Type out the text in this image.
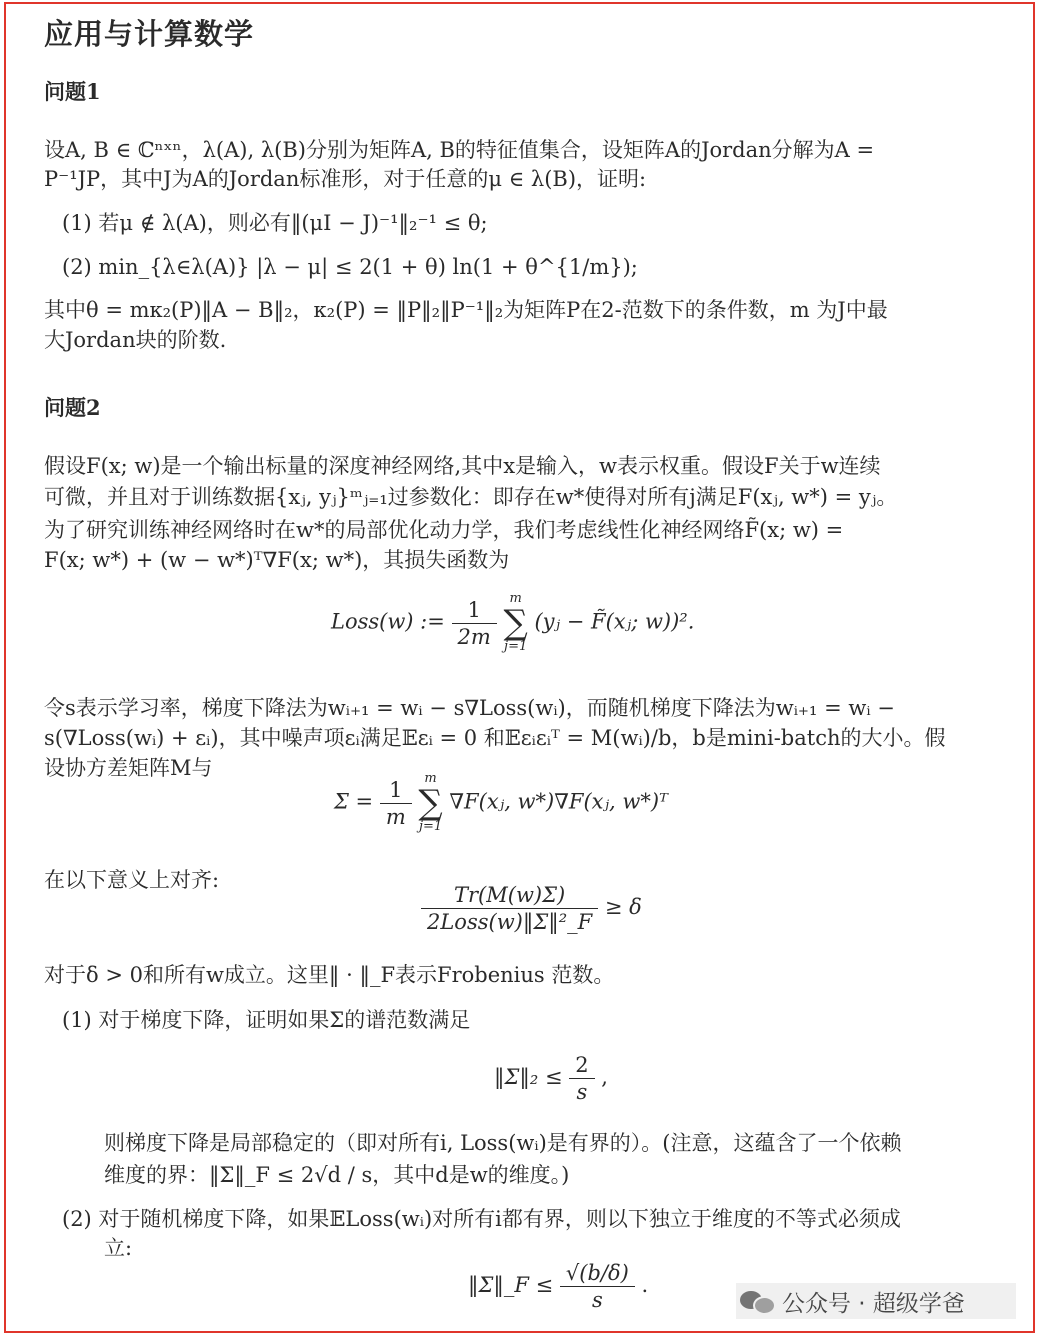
应用与计算数学
问题1
设A, B ∈ ℂⁿˣⁿ，λ(A), λ(B)分别为矩阵A, B的特征值集合，设矩阵A的Jordan分解为A =
P⁻¹JP，其中J为A的Jordan标准形，对于任意的μ ∈ λ(B)，证明:
(1) 若μ ∉ λ(A)，则必有‖(μI − J)⁻¹‖₂⁻¹ ≤ θ;
(2) min_{λ∈λ(A)} |λ − μ| ≤ 2(1 + θ) ln(1 + θ^{1/m});
其中θ = mκ₂(P)‖A − B‖₂，κ₂(P) = ‖P‖₂‖P⁻¹‖₂为矩阵P在2-范数下的条件数，m 为J中最
大Jordan块的阶数.
问题2
假设F(x; w)是一个输出标量的深度神经网络,其中x是输入，w表示权重。假设F关于w连续
可微，并且对于训练数据{xⱼ, yⱼ}ᵐⱼ₌₁过参数化：即存在w*使得对所有j满足F(xⱼ, w*) = yⱼ。
为了研究训练神经网络时在w*的局部优化动力学，我们考虑线性化神经网络F̃(x; w) =
F(x; w*) + (w − w*)ᵀ∇F(x; w*)，其损失函数为
Loss(w) := $\frac{1}{2m}$ m
∑
j=1 (yⱼ − F̃(xⱼ; w))².
令s表示学习率，梯度下降法为wᵢ₊₁ = wᵢ − s∇Loss(wᵢ)，而随机梯度下降法为wᵢ₊₁ = wᵢ −
s(∇Loss(wᵢ) + εᵢ)，其中噪声项εᵢ满足𝔼εᵢ = 0 和𝔼εᵢεᵢᵀ = M(wᵢ)/b，b是mini-batch的大小。假
设协方差矩阵M与
$\Sigma = \frac{1}{m}$ m
∑
j=1 ∇F(xⱼ, w*)∇F(xⱼ, w*)ᵀ
在以下意义上对齐:
$\frac{Tr(M(w)\Sigma)}{\text{2Loss(w)‖Σ‖²\_F}} \ge \delta$
对于δ > 0和所有w成立。这里‖ · ‖_F表示Frobenius 范数。
(1) 对于梯度下降，证明如果Σ的谱范数满足
‖Σ‖₂ ≤ $\frac{2}{s}$ ,
则梯度下降是局部稳定的（即对所有i, Loss(wᵢ)是有界的）。(注意，这蕴含了一个依赖
维度的界：‖Σ‖_F ≤ 2√d / s，其中d是w的维度。)
(2) 对于随机梯度下降，如果𝔼Loss(wᵢ)对所有i都有界，则以下独立于维度的不等式必须成
立:
‖Σ‖_F ≤ $\frac{√(b/\delta)}{s}$ .
公众号 · 超级学爸
